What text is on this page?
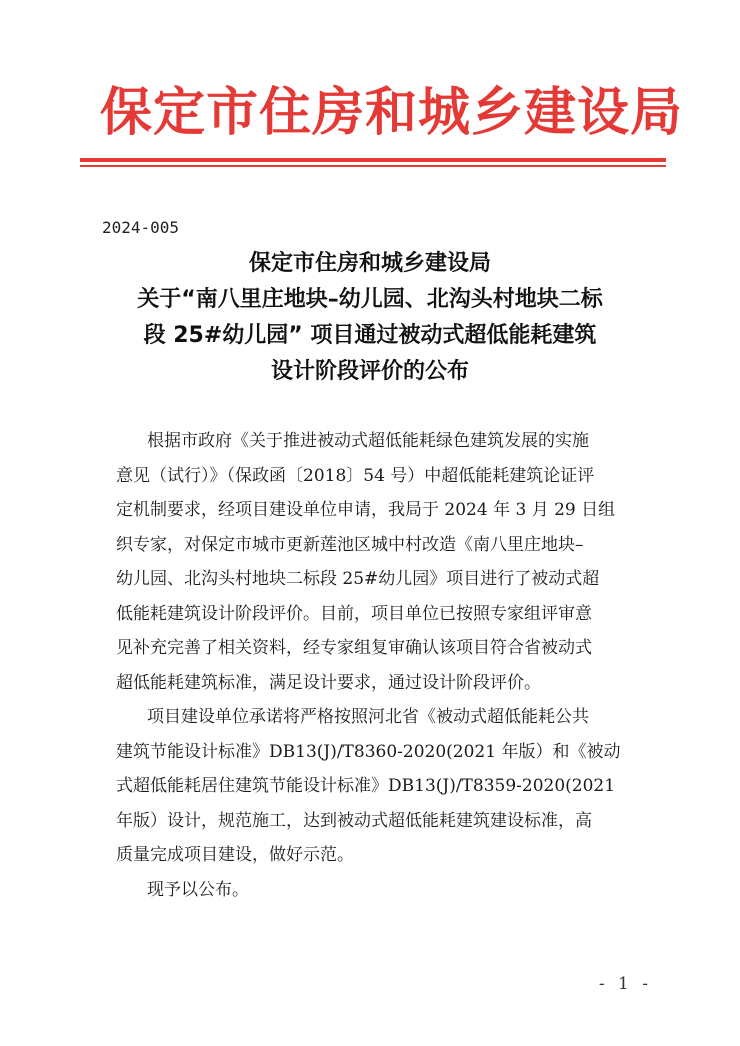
保定市住房和城乡建设局
2024-005
保定市住房和城乡建设局
关于“南八里庄地块–幼儿园、北沟头村地块二标
段 25#幼儿园” 项目通过被动式超低能耗建筑
设计阶段评价的公布
根据市政府《关于推进被动式超低能耗绿色建筑发展的实施
意见（试行）》（保政函〔2018〕54 号）中超低能耗建筑论证评
定机制要求，经项目建设单位申请，我局于 2024 年 3 月 29 日组
织专家，对保定市城市更新莲池区城中村改造《南八里庄地块–
幼儿园、北沟头村地块二标段 25#幼儿园》项目进行了被动式超
低能耗建筑设计阶段评价。目前，项目单位已按照专家组评审意
见补充完善了相关资料，经专家组复审确认该项目符合省被动式
超低能耗建筑标准，满足设计要求，通过设计阶段评价。
项目建设单位承诺将严格按照河北省《被动式超低能耗公共
建筑节能设计标准》DB13(J)/T8360-2020(2021 年版）和《被动
式超低能耗居住建筑节能设计标准》DB13(J)/T8359-2020(2021
年版）设计，规范施工，达到被动式超低能耗建筑建设标准，高
质量完成项目建设，做好示范。
现予以公布。
- 1 -
